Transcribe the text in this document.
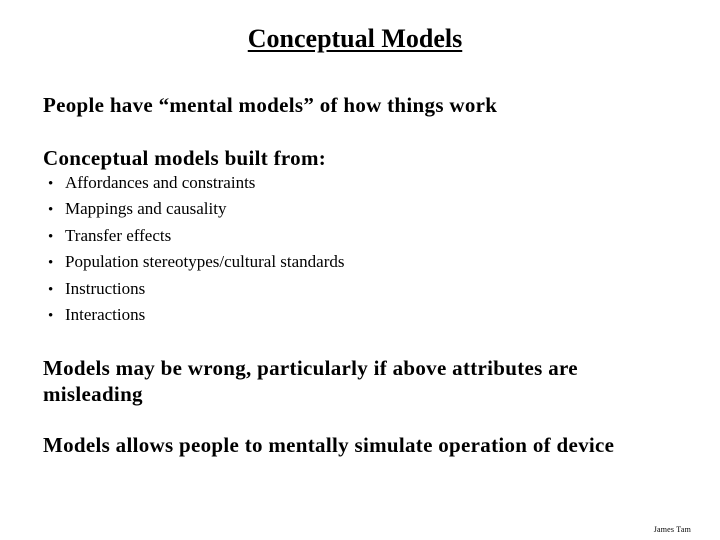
Conceptual Models

People have “mental models” of how things work

Conceptual models built from:

• Affordances and constraints
• Mappings and causality
• Transfer effects
• Population stereotypes/cultural standards
• Instructions
• Interactions

Models may be wrong, particularly if above attributes are misleading

Models allows people to mentally simulate operation of device

James Tam
